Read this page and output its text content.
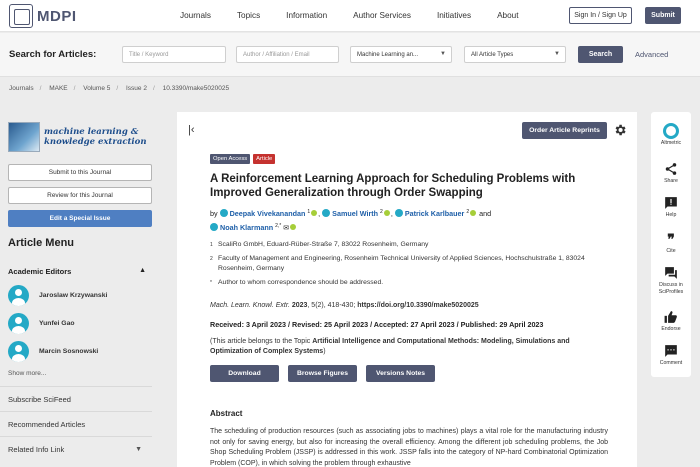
MDPI	Journals	Topics	Information	Author Services	Initiatives	About	Sign In / Sign Up	Submit
Search for Articles:	Title / Keyword	Author / Affiliation / Email	Machine Learning an...	▼	All Article Types	▼	Search	Advanced
Journals / MAKE / Volume 5 / Issue 2 / 10.3390/make5020025
machine learning &
knowledge extraction
Submit to this Journal
Review for this Journal
Edit a Special Issue
Article Menu
Academic Editors	▲
Jaroslaw Krzywanski
Yunfei Gao
Marcin Sosnowski
Show more...
Subscribe SciFeed
Recommended Articles
Related Info Link	▼
|‹	Order Article Reprints
Open Access	Article
A Reinforcement Learning Approach for Scheduling Problems with Improved Generalization through Order Swapping
by Deepak Vivekanandan $^1$ , Samuel Wirth $^2$ , Patrick Karlbauer $^2$ and
Noah Klarmann $^{2,*}$ ✉
1 ScaliRo GmbH, Eduard-Rüber-Straße 7, 83022 Rosenheim, Germany
2 Faculty of Management and Engineering, Rosenheim Technical University of Applied Sciences, Hochschulstraße 1, 83024 Rosenheim, Germany
* Author to whom correspondence should be addressed.
Mach. Learn. Knowl. Extr. 2023, 5(2), 418-430; https://doi.org/10.3390/make5020025
Received: 3 April 2023 / Revised: 25 April 2023 / Accepted: 27 April 2023 / Published: 29 April 2023
(This article belongs to the Topic Artificial Intelligence and Computational Methods: Modeling, Simulations and Optimization of Complex Systems)
Download	Browse Figures	Versions Notes
Abstract
The scheduling of production resources (such as associating jobs to machines) plays a vital role for the manufacturing industry not only for saving energy, but also for increasing the overall efficiency. Among the different job scheduling problems, the Job Shop Scheduling Problem (JSSP) is addressed in this work. JSSP falls into the category of NP-hard Combinatorial Optimization Problem (COP), in which solving the problem through exhaustive
Altmetric
Share
Help
❞
Cite
Discuss in SciProfiles
Endorse
Comment
